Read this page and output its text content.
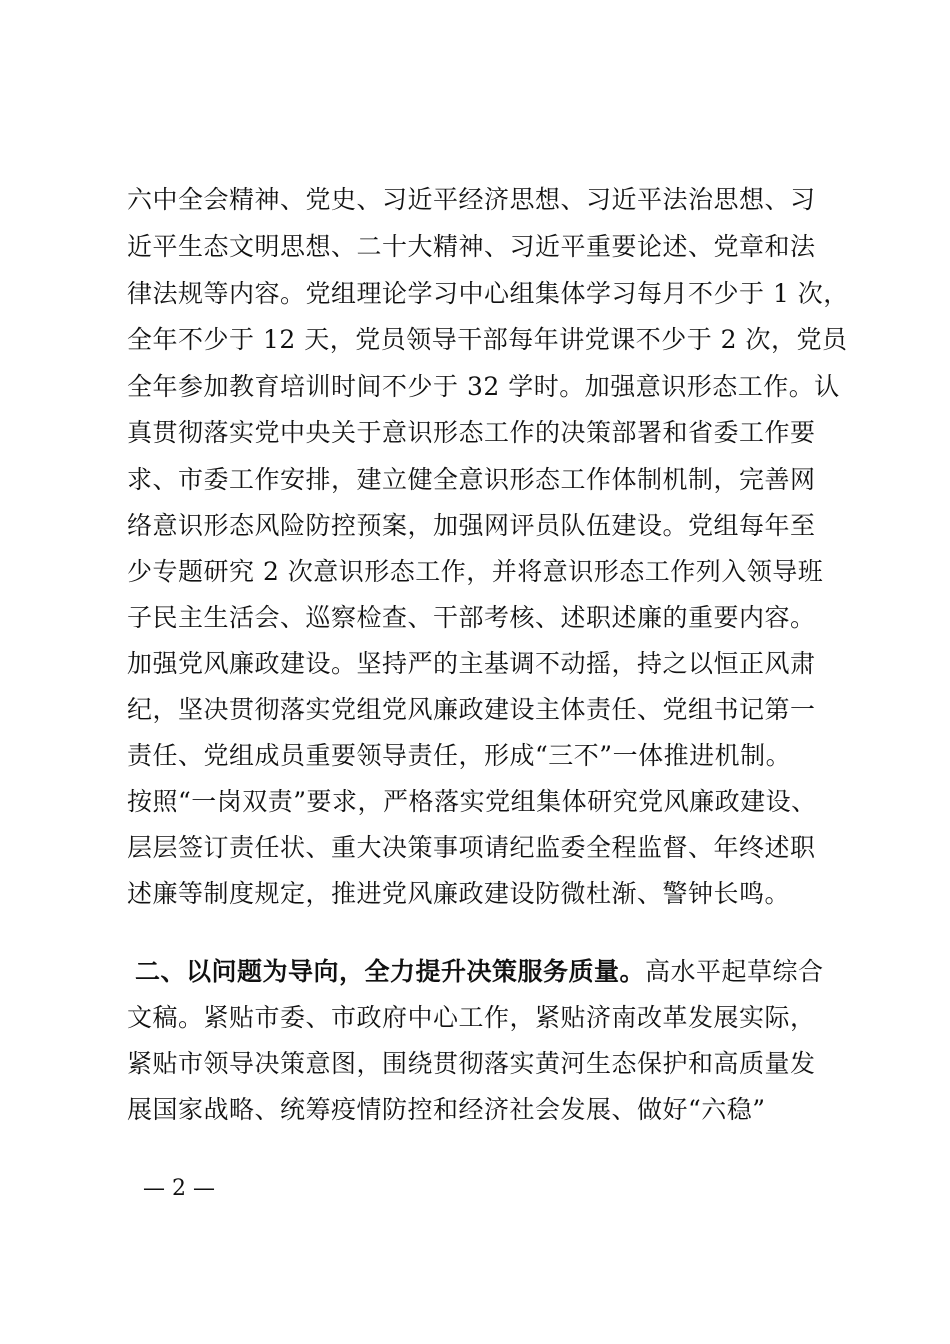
六中全会精神、党史、习近平经济思想、习近平法治思想、习
近平生态文明思想、二十大精神、习近平重要论述、党章和法
律法规等内容。党组理论学习中心组集体学习每月不少于 1 次，
全年不少于 12 天，党员领导干部每年讲党课不少于 2 次，党员
全年参加教育培训时间不少于 32 学时。加强意识形态工作。认
真贯彻落实党中央关于意识形态工作的决策部署和省委工作要
求、市委工作安排，建立健全意识形态工作体制机制，完善网
络意识形态风险防控预案，加强网评员队伍建设。党组每年至
少专题研究 2 次意识形态工作，并将意识形态工作列入领导班
子民主生活会、巡察检查、干部考核、述职述廉的重要内容。
加强党风廉政建设。坚持严的主基调不动摇，持之以恒正风肃
纪，坚决贯彻落实党组党风廉政建设主体责任、党组书记第一
责任、党组成员重要领导责任，形成“三不”一体推进机制。
按照“一岗双责”要求，严格落实党组集体研究党风廉政建设、
层层签订责任状、重大决策事项请纪监委全程监督、年终述职
述廉等制度规定，推进党风廉政建设防微杜渐、警钟长鸣。
二、以问题为导向，全力提升决策服务质量。高水平起草综合
文稿。紧贴市委、市政府中心工作，紧贴济南改革发展实际，
紧贴市领导决策意图，围绕贯彻落实黄河生态保护和高质量发
展国家战略、统筹疫情防控和经济社会发展、做好“六稳”
— 2 —
